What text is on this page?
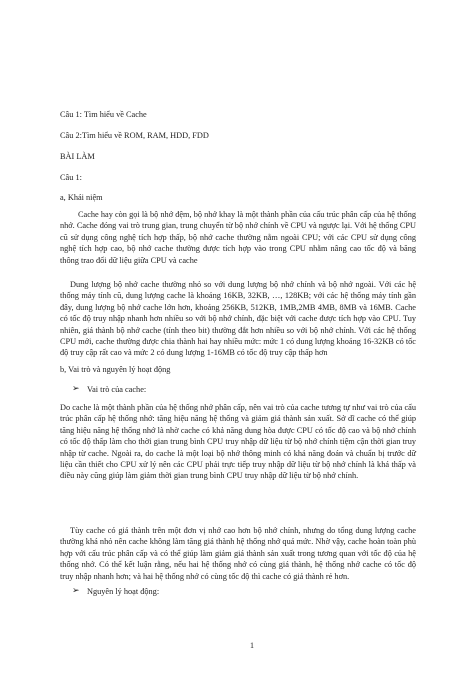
Câu 1: Tìm hiểu về Cache
Câu 2:Tìm hiểu về ROM, RAM, HDD, FDD
BÀI LÀM
Câu 1:
a, Khái niệm
Cache hay còn gọi là bộ nhớ đệm, bộ nhớ khay là một thành phần của cấu trúc phân cấp của hệ thống nhớ. Cache đóng vai trò trung gian, trung chuyển từ bộ nhớ chính về CPU và ngược lại. Với hệ thống CPU cũ sử dụng công nghệ tích hợp thấp, bộ nhớ cache thường nằm ngoài CPU; với các CPU sử dụng công nghệ tích hợp cao, bộ nhớ cache thường được tích hợp vào trong CPU nhằm nâng cao tốc độ và băng thông trao đổi dữ liệu giữa CPU và cache
Dung lượng bộ nhớ cache thường nhỏ so với dung lượng bộ nhớ chính và bộ nhớ ngoài. Với các hệ thống máy tính cũ, dung lượng cache là khoảng 16KB, 32KB, …, 128KB; với các hệ thống máy tính gần đây, dung lượng bộ nhớ cache lớn hơn, khoảng 256KB, 512KB, 1MB,2MB 4MB, 8MB và 16MB. Cache có tốc độ truy nhập nhanh hơn nhiều so với bộ nhớ chính, đặc biệt với cache được tích hợp vào CPU. Tuy nhiên, giá thành bộ nhớ cache (tính theo bit) thường đắt hơn nhiều so với bộ nhớ chính. Với các hệ thống CPU mới, cache thường được chia thành hai hay nhiều mức: mức 1 có dung lượng khoảng 16-32KB có tốc độ truy cập rất cao và mức 2 có dung lượng 1-16MB có tốc độ truy cập thấp hơn
b, Vai trò và nguyên lý hoạt động
➢ Vai trò của cache:
Do cache là một thành phần của hệ thống nhớ phân cấp, nên vai trò của cache tương tự như vai trò của cấu trúc phân cấp hệ thống nhớ: tăng hiệu năng hệ thống và giảm giá thành sản xuất. Sở dĩ cache có thể giúp tăng hiệu năng hệ thống nhớ là nhờ cache có khả năng dung hòa được CPU có tốc độ cao và bộ nhớ chính có tốc độ thấp làm cho thời gian trung bình CPU truy nhập dữ liệu từ bộ nhớ chính tiệm cận thời gian truy nhập từ cache. Ngoài ra, do cache là một loại bộ nhớ thông minh có khả năng đoán và chuẩn bị trước dữ liệu cần thiết cho CPU xử lý nên các CPU phải trực tiếp truy nhập dữ liệu từ bộ nhớ chính là khá thấp và điều này cũng giúp làm giảm thời gian trung bình CPU truy nhập dữ liệu từ bộ nhớ chính.
Tùy cache có giá thành trên một đơn vị nhớ cao hơn bộ nhớ chính, nhưng do tổng dung lượng cache thường khá nhỏ nên cache không làm tăng giá thành hệ thống nhớ quá mức. Nhờ vậy, cache hoàn toàn phù hợp với cấu trúc phân cấp và có thể giúp làm giảm giá thành sản xuất trong tương quan với tốc độ của hệ thống nhớ. Có thể kết luận rằng, nếu hai hệ thống nhớ có cùng giá thành, hệ thống nhớ cache có tốc độ truy nhập nhanh hơn; và hai hệ thống nhớ có cùng tốc độ thì cache có giá thành rẻ hơn.
➢ Nguyên lý hoạt động:
1
